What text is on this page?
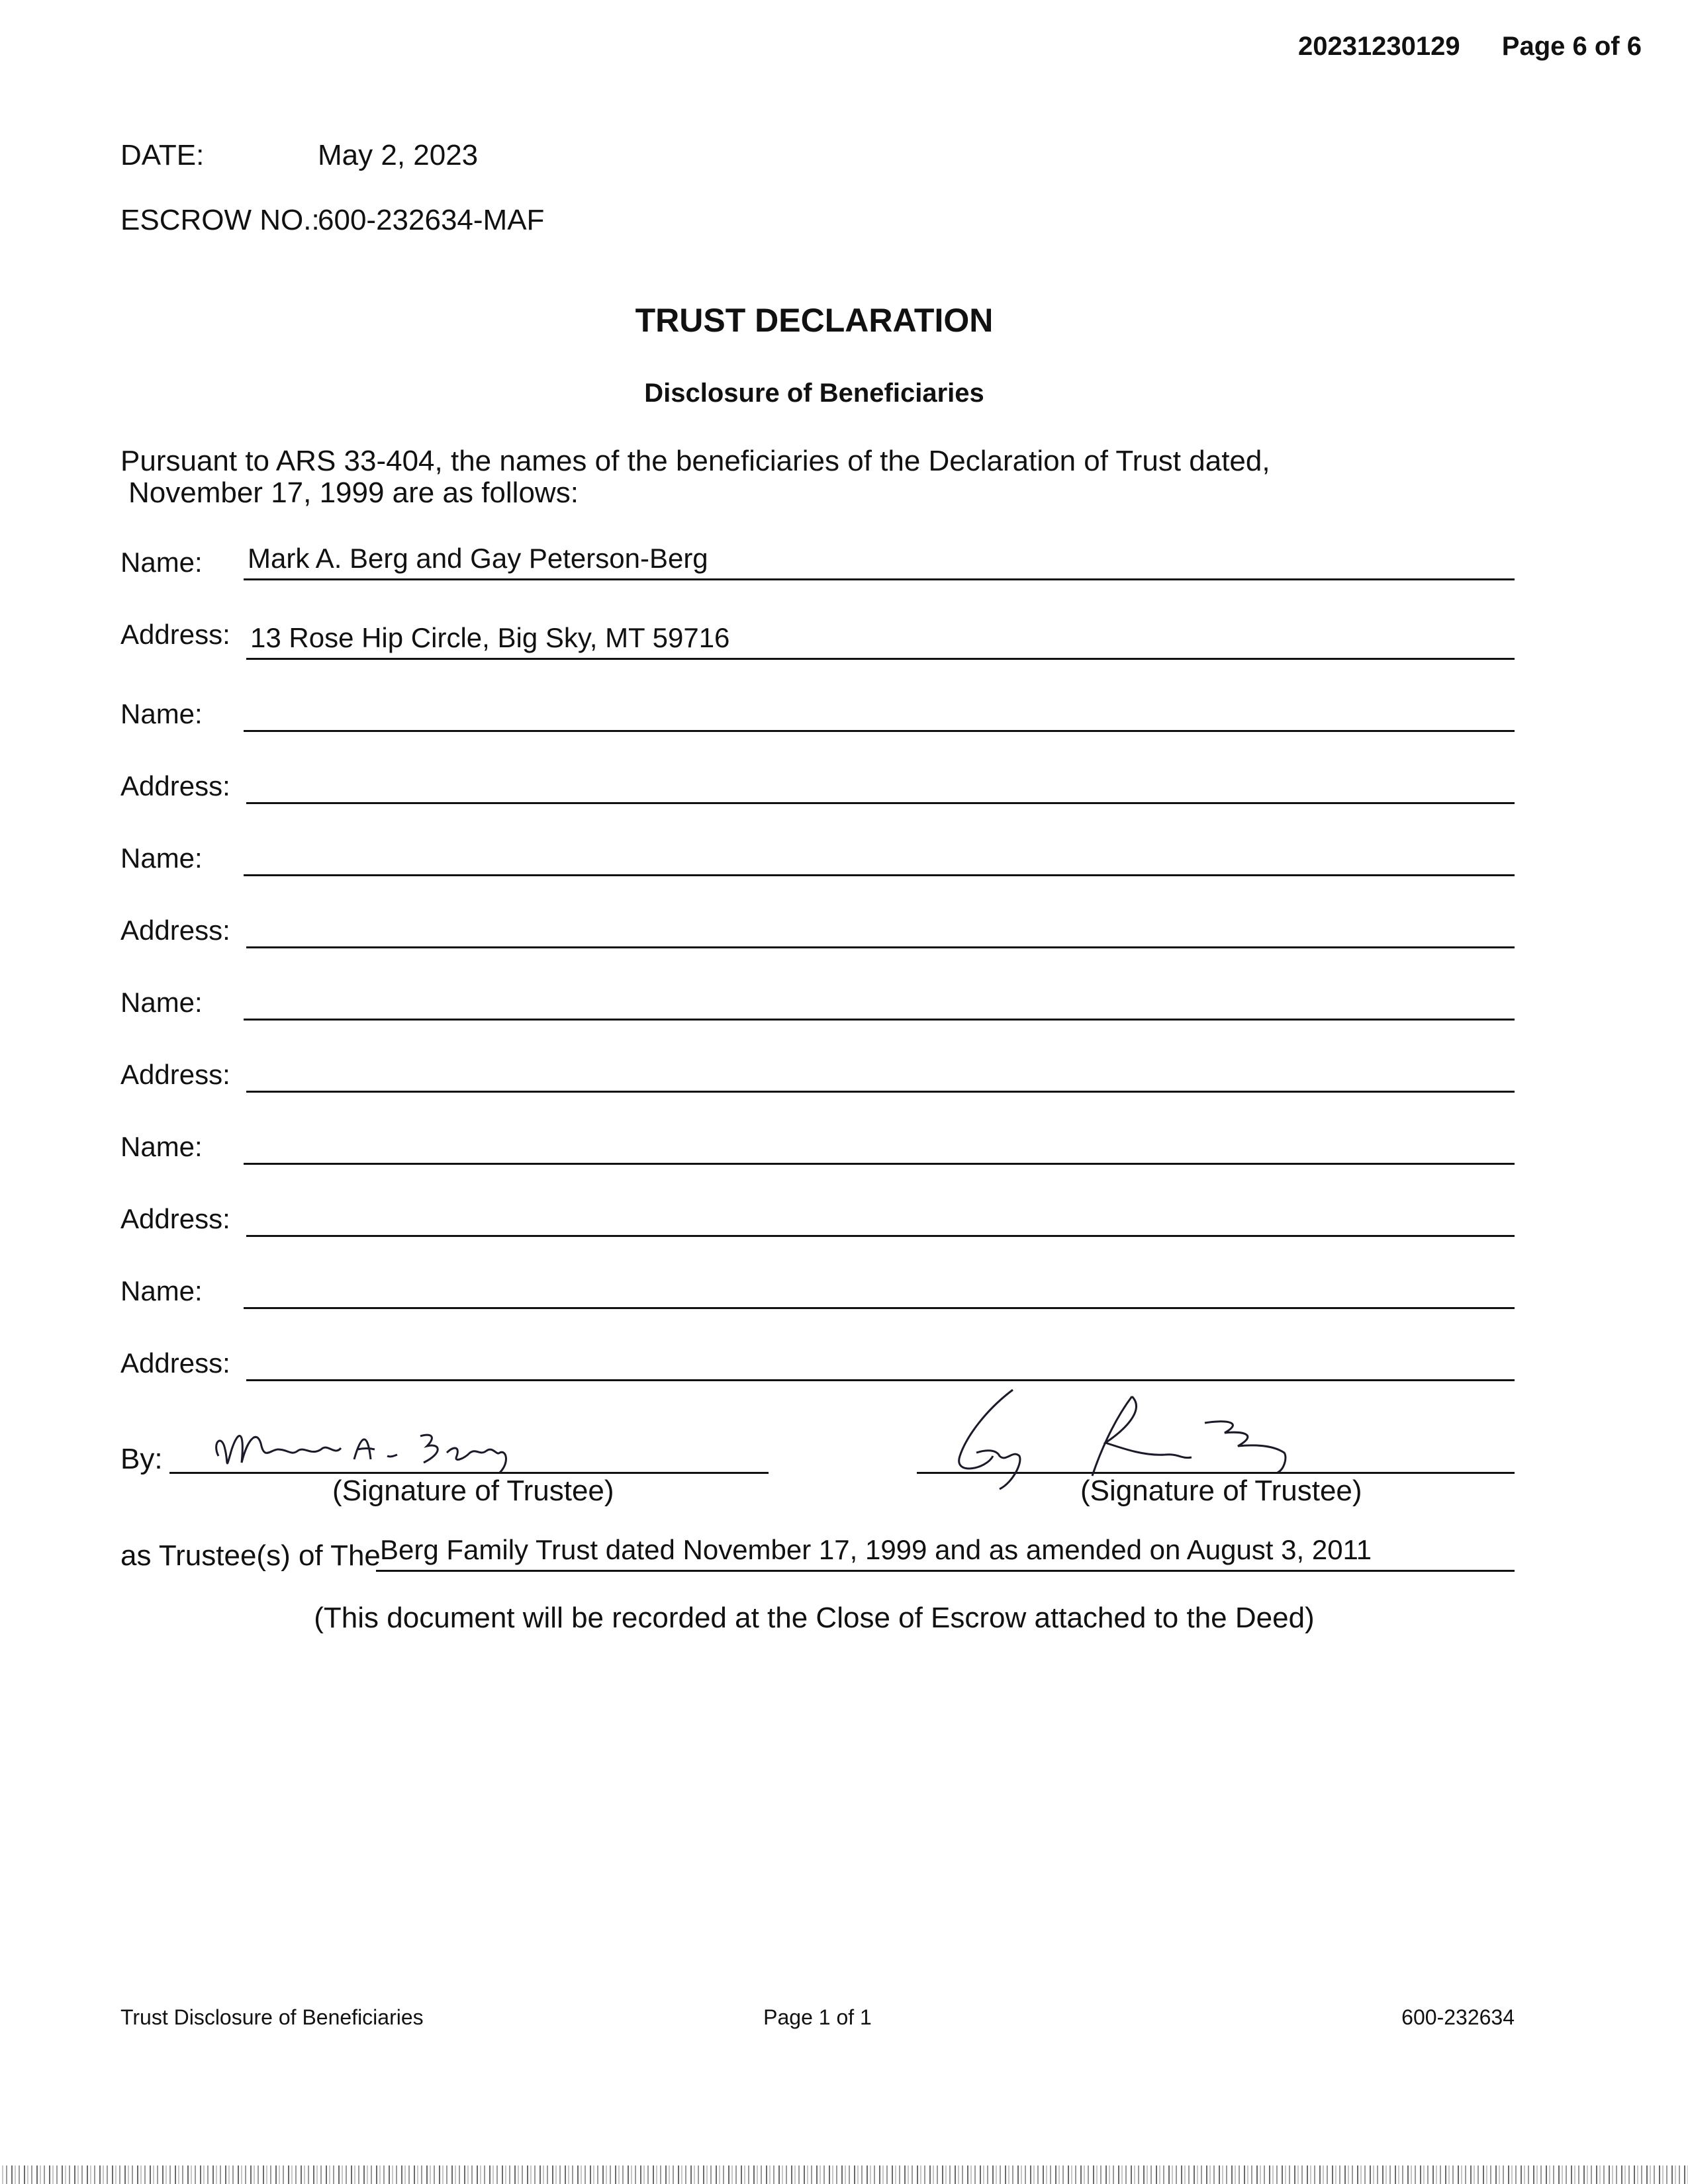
20231230129 Page 6 of 6
DATE:	May 2, 2023
ESCROW NO.:
600-232634-MAF
TRUST DECLARATION
Disclosure of Beneficiaries
Pursuant to ARS 33-404, the names of the beneficiaries of the Declaration of Trust dated,
November 17, 1999 are as follows:
Name: Mark A. Berg and Gay Peterson-Berg
Address: 13 Rose Hip Circle, Big Sky, MT 59716
Name:
Address:
Name:
Address:
Name:
Address:
Name:
Address:
Name:
Address:
By:
(Signature of Trustee)	(Signature of Trustee)
as Trustee(s) of The Berg Family Trust dated November 17, 1999 and as amended on August 3, 2011
(This document will be recorded at the Close of Escrow attached to the Deed)
Trust Disclosure of Beneficiaries	Page 1 of 1	600-232634
